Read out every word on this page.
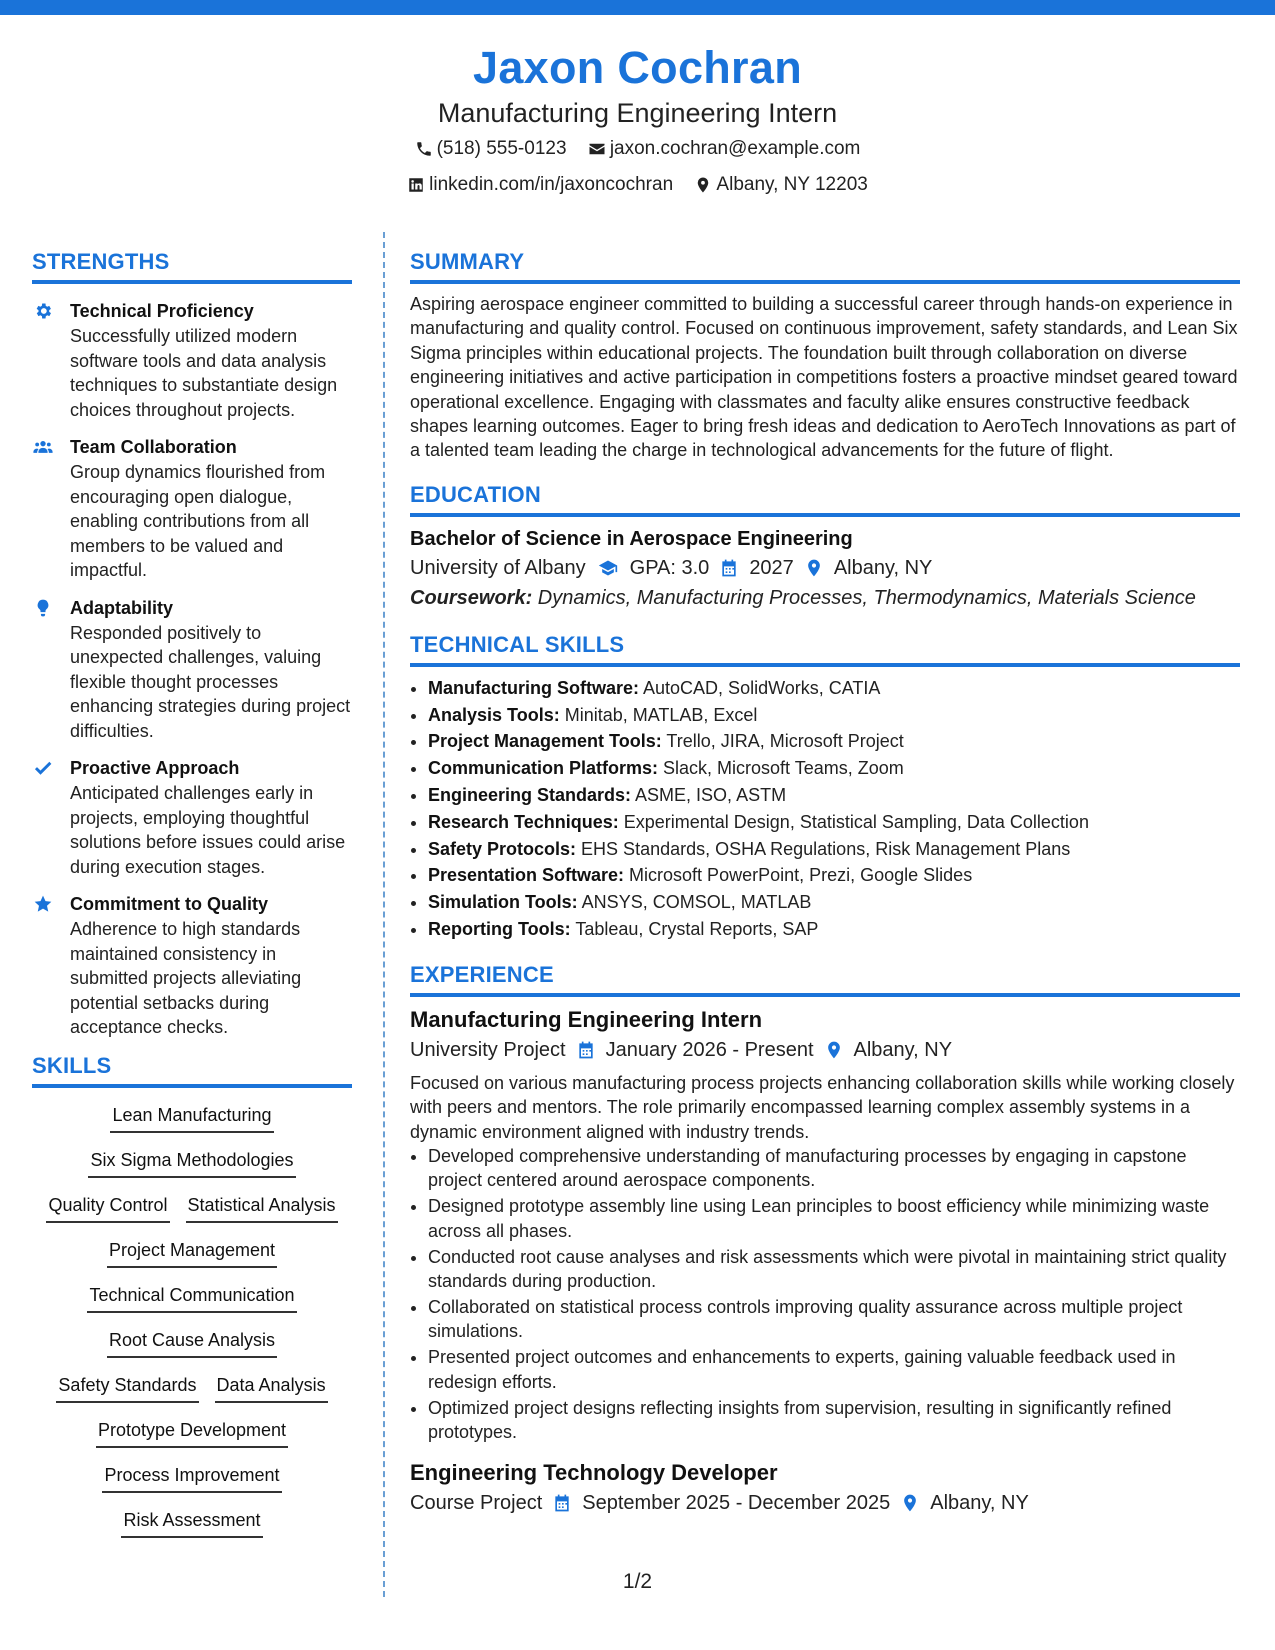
Jaxon Cochran
Manufacturing Engineering Intern
(518) 555-0123
jaxon.cochran@example.com
linkedin.com/in/jaxoncochran
Albany, NY 12203
STRENGTHS
Technical Proficiency
Successfully utilized modern software tools and data analysis techniques to substantiate design choices throughout projects.
Team Collaboration
Group dynamics flourished from encouraging open dialogue, enabling contributions from all members to be valued and impactful.
Adaptability
Responded positively to unexpected challenges, valuing flexible thought processes enhancing strategies during project difficulties.
Proactive Approach
Anticipated challenges early in projects, employing thoughtful solutions before issues could arise during execution stages.
Commitment to Quality
Adherence to high standards maintained consistency in submitted projects alleviating potential setbacks during acceptance checks.
SKILLS
Lean Manufacturing
Six Sigma Methodologies
Quality Control Statistical Analysis
Project Management
Technical Communication
Root Cause Analysis
Safety Standards Data Analysis
Prototype Development
Process Improvement
Risk Assessment
SUMMARY
Aspiring aerospace engineer committed to building a successful career through hands-on experience in manufacturing and quality control. Focused on continuous improvement, safety standards, and Lean Six Sigma principles within educational projects. The foundation built through collaboration on diverse engineering initiatives and active participation in competitions fosters a proactive mindset geared toward operational excellence. Engaging with classmates and faculty alike ensures constructive feedback shapes learning outcomes. Eager to bring fresh ideas and dedication to AeroTech Innovations as part of a talented team leading the charge in technological advancements for the future of flight.
EDUCATION
Bachelor of Science in Aerospace Engineering
University of Albany GPA: 3.0 2027 Albany, NY
Coursework: Dynamics, Manufacturing Processes, Thermodynamics, Materials Science
TECHNICAL SKILLS
• Manufacturing Software: AutoCAD, SolidWorks, CATIA
• Analysis Tools: Minitab, MATLAB, Excel
• Project Management Tools: Trello, JIRA, Microsoft Project
• Communication Platforms: Slack, Microsoft Teams, Zoom
• Engineering Standards: ASME, ISO, ASTM
• Research Techniques: Experimental Design, Statistical Sampling, Data Collection
• Safety Protocols: EHS Standards, OSHA Regulations, Risk Management Plans
• Presentation Software: Microsoft PowerPoint, Prezi, Google Slides
• Simulation Tools: ANSYS, COMSOL, MATLAB
• Reporting Tools: Tableau, Crystal Reports, SAP
EXPERIENCE
Manufacturing Engineering Intern
University Project January 2026 - Present Albany, NY
Focused on various manufacturing process projects enhancing collaboration skills while working closely with peers and mentors. The role primarily encompassed learning complex assembly systems in a dynamic environment aligned with industry trends.
• Developed comprehensive understanding of manufacturing processes by engaging in capstone project centered around aerospace components.
• Designed prototype assembly line using Lean principles to boost efficiency while minimizing waste across all phases.
• Conducted root cause analyses and risk assessments which were pivotal in maintaining strict quality standards during production.
• Collaborated on statistical process controls improving quality assurance across multiple project simulations.
• Presented project outcomes and enhancements to experts, gaining valuable feedback used in redesign efforts.
• Optimized project designs reflecting insights from supervision, resulting in significantly refined prototypes.
Engineering Technology Developer
Course Project September 2025 - December 2025 Albany, NY
1/2
